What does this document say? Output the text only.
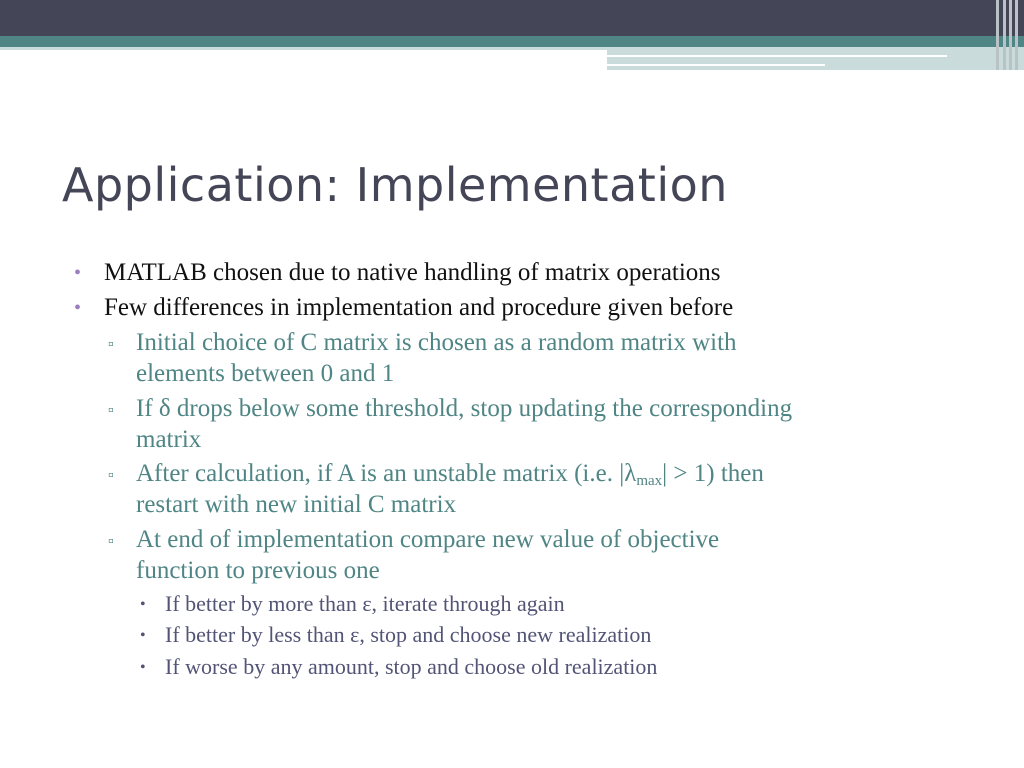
Application: Implementation
• MATLAB chosen due to native handling of matrix operations
• Few differences in implementation and procedure given before
▫ Initial choice of C matrix is chosen as a random matrix with
elements between 0 and 1
▫ If δ drops below some threshold, stop updating the corresponding
matrix
▫ After calculation, if A is an unstable matrix (i.e. $|\lambda_{max}| > 1$) then
restart with new initial C matrix
▫ At end of implementation compare new value of objective
function to previous one
• If better by more than ε, iterate through again
• If better by less than ε, stop and choose new realization
• If worse by any amount, stop and choose old realization
